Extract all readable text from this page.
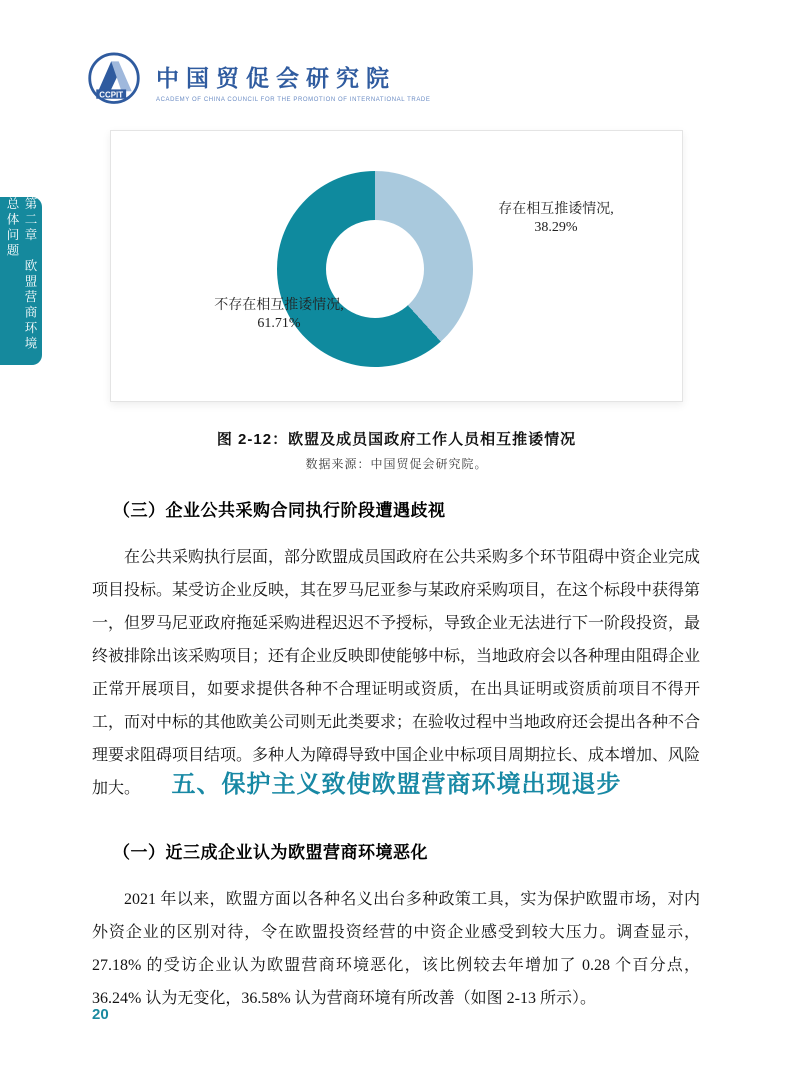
第二章　欧盟营商环境总体问题
CCPIT
中国贸促会研究院
ACADEMY OF CHINA COUNCIL FOR THE PROMOTION OF INTERNATIONAL TRADE
存在相互推诿情况,
38.29%
不存在相互推诿情况,
61.71%
图 2-12：欧盟及成员国政府工作人员相互推诿情况
数据来源：中国贸促会研究院。
（三）企业公共采购合同执行阶段遭遇歧视
在公共采购执行层面，部分欧盟成员国政府在公共采购多个环节阻碍中资企业完成项目投标。某受访企业反映，其在罗马尼亚参与某政府采购项目，在这个标段中获得第一，但罗马尼亚政府拖延采购进程迟迟不予授标，导致企业无法进行下一阶段投资，最终被排除出该采购项目；还有企业反映即使能够中标，当地政府会以各种理由阻碍企业正常开展项目，如要求提供各种不合理证明或资质，在出具证明或资质前项目不得开工，而对中标的其他欧美公司则无此类要求；在验收过程中当地政府还会提出各种不合理要求阻碍项目结项。多种人为障碍导致中国企业中标项目周期拉长、成本增加、风险加大。	五、保护主义致使欧盟营商环境出现退步
（一）近三成企业认为欧盟营商环境恶化
2021 年以来，欧盟方面以各种名义出台多种政策工具，实为保护欧盟市场，对内外资企业的区别对待，令在欧盟投资经营的中资企业感受到较大压力。调查显示，27.18% 的受访企业认为欧盟营商环境恶化，该比例较去年增加了 0.28 个百分点，36.24% 认为无变化，36.58% 认为营商环境有所改善（如图 2-13 所示）。
20
